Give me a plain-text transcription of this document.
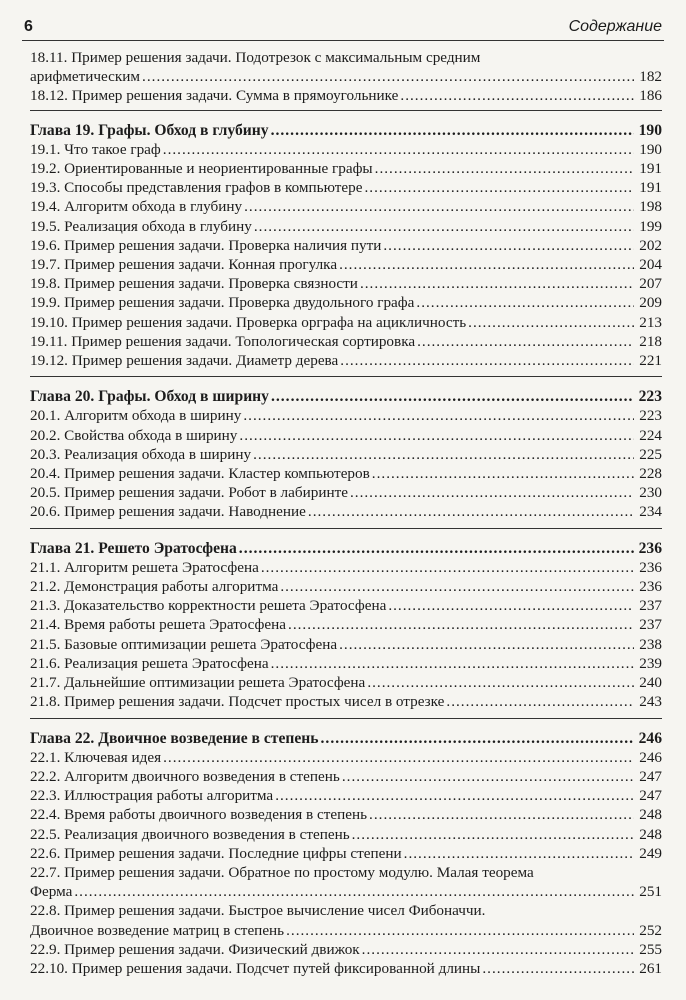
6	Содержание
18.11. Пример решения задачи. Подотрезок с максимальным средним
арифметическим .....	182
18.12. Пример решения задачи. Сумма в прямоугольнике .....	186
Глава 19. Графы. Обход в глубину .....	190
19.1. Что такое граф .....	190
19.2. Ориентированные и неориентированные графы .....	191
19.3. Способы представления графов в компьютере .....	191
19.4. Алгоритм обхода в глубину .....	198
19.5. Реализация обхода в глубину .....	199
19.6. Пример решения задачи. Проверка наличия пути .....	202
19.7. Пример решения задачи. Конная прогулка .....	204
19.8. Пример решения задачи. Проверка связности .....	207
19.9. Пример решения задачи. Проверка двудольного графа .....	209
19.10. Пример решения задачи. Проверка орграфа на ацикличность .....	213
19.11. Пример решения задачи. Топологическая сортировка .....	218
19.12. Пример решения задачи. Диаметр дерева .....	221
Глава 20. Графы. Обход в ширину .....	223
20.1. Алгоритм обхода в ширину .....	223
20.2. Свойства обхода в ширину .....	224
20.3. Реализация обхода в ширину .....	225
20.4. Пример решения задачи. Кластер компьютеров .....	228
20.5. Пример решения задачи. Робот в лабиринте .....	230
20.6. Пример решения задачи. Наводнение .....	234
Глава 21. Решето Эратосфена .....	236
21.1. Алгоритм решета Эратосфена .....	236
21.2. Демонстрация работы алгоритма .....	236
21.3. Доказательство корректности решета Эратосфена .....	237
21.4. Время работы решета Эратосфена .....	237
21.5. Базовые оптимизации решета Эратосфена .....	238
21.6. Реализация решета Эратосфена .....	239
21.7. Дальнейшие оптимизации решета Эратосфена .....	240
21.8. Пример решения задачи. Подсчет простых чисел в отрезке .....	243
Глава 22. Двоичное возведение в степень .....	246
22.1. Ключевая идея .....	246
22.2. Алгоритм двоичного возведения в степень .....	247
22.3. Иллюстрация работы алгоритма .....	247
22.4. Время работы двоичного возведения в степень .....	248
22.5. Реализация двоичного возведения в степень .....	248
22.6. Пример решения задачи. Последние цифры степени .....	249
22.7. Пример решения задачи. Обратное по простому модулю. Малая теорема
Ферма .....	251
22.8. Пример решения задачи. Быстрое вычисление чисел Фибоначчи.
Двоичное возведение матриц в степень .....	252
22.9. Пример решения задачи. Физический движок .....	255
22.10. Пример решения задачи. Подсчет путей фиксированной длины .....	261
